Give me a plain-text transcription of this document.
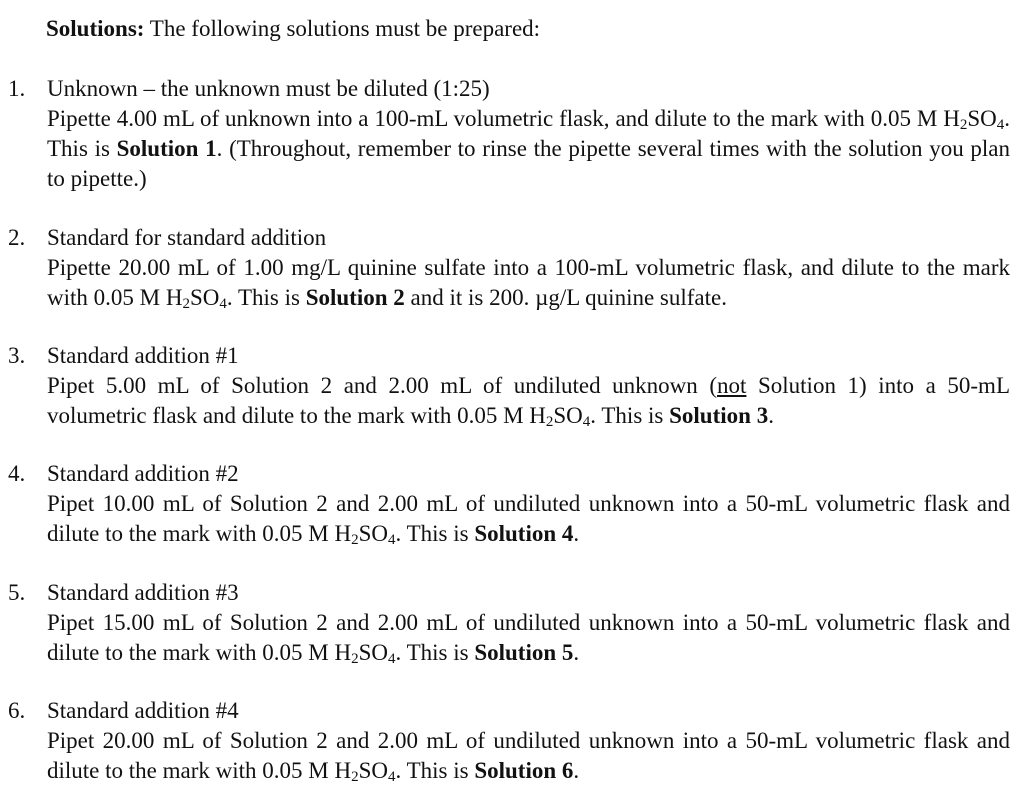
Solutions: The following solutions must be prepared:
1. Unknown – the unknown must be diluted (1:25)
Pipette 4.00 mL of unknown into a 100-mL volumetric flask, and dilute to the mark with 0.05 M $H_2SO_4$. This is Solution 1. (Throughout, remember to rinse the pipette several times with the solution you plan to pipette.)
2. Standard for standard addition
Pipette 20.00 mL of 1.00 mg/L quinine sulfate into a 100-mL volumetric flask, and dilute to the mark with 0.05 M $H_2SO_4$. This is Solution 2 and it is 200. µg/L quinine sulfate.
3. Standard addition #1
Pipet 5.00 mL of Solution 2 and 2.00 mL of undiluted unknown (not Solution 1) into a 50-mL volumetric flask and dilute to the mark with 0.05 M $H_2SO_4$. This is Solution 3.
4. Standard addition #2
Pipet 10.00 mL of Solution 2 and 2.00 mL of undiluted unknown into a 50-mL volumetric flask and dilute to the mark with 0.05 M $H_2SO_4$. This is Solution 4.
5. Standard addition #3
Pipet 15.00 mL of Solution 2 and 2.00 mL of undiluted unknown into a 50-mL volumetric flask and dilute to the mark with 0.05 M $H_2SO_4$. This is Solution 5.
6. Standard addition #4
Pipet 20.00 mL of Solution 2 and 2.00 mL of undiluted unknown into a 50-mL volumetric flask and dilute to the mark with 0.05 M $H_2SO_4$. This is Solution 6.
